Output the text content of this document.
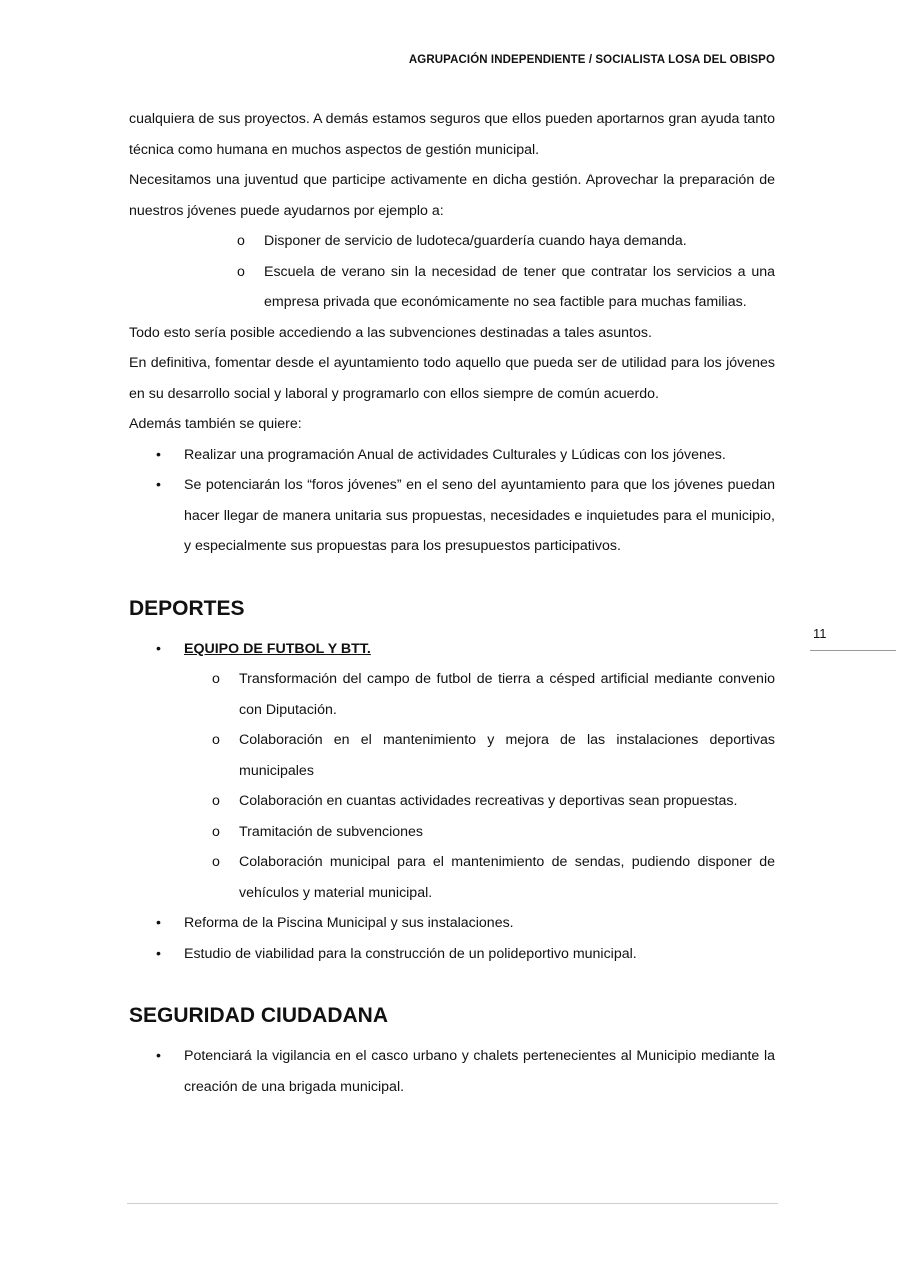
AGRUPACIÓN INDEPENDIENTE / SOCIALISTA LOSA DEL OBISPO
11

cualquiera de sus proyectos. A demás estamos seguros que ellos pueden aportarnos gran ayuda tanto técnica como humana en muchos aspectos de gestión municipal.

Necesitamos una juventud que participe activamente en dicha gestión. Aprovechar la preparación de nuestros jóvenes puede ayudarnos por ejemplo a:

o Disponer de servicio de ludoteca/guardería cuando haya demanda.
o Escuela de verano sin la necesidad de tener que contratar los servicios a una empresa privada que económicamente no sea factible para muchas familias.

Todo esto sería posible accediendo a las subvenciones destinadas a tales asuntos.

En definitiva, fomentar desde el ayuntamiento todo aquello que pueda ser de utilidad para los jóvenes en su desarrollo social y laboral y programarlo con ellos siempre de común acuerdo.

Además también se quiere:

• Realizar una programación Anual de actividades Culturales y Lúdicas con los jóvenes.
• Se potenciarán los “foros jóvenes” en el seno del ayuntamiento para que los jóvenes puedan hacer llegar de manera unitaria sus propuestas, necesidades e inquietudes para el municipio, y especialmente sus propuestas para los presupuestos participativos.
DEPORTES
• EQUIPO DE FUTBOL Y BTT.
o Transformación del campo de futbol de tierra a césped artificial mediante convenio con Diputación.
o Colaboración en el mantenimiento y mejora de las instalaciones deportivas municipales
o Colaboración en cuantas actividades recreativas y deportivas sean propuestas.
o Tramitación de subvenciones
o Colaboración municipal para el mantenimiento de sendas, pudiendo disponer de vehículos y material municipal.
• Reforma de la Piscina Municipal y sus instalaciones.
• Estudio de viabilidad para la construcción de un polideportivo municipal.
SEGURIDAD CIUDADANA
• Potenciará la vigilancia en el casco urbano y chalets pertenecientes al Municipio mediante la creación de una brigada municipal.
